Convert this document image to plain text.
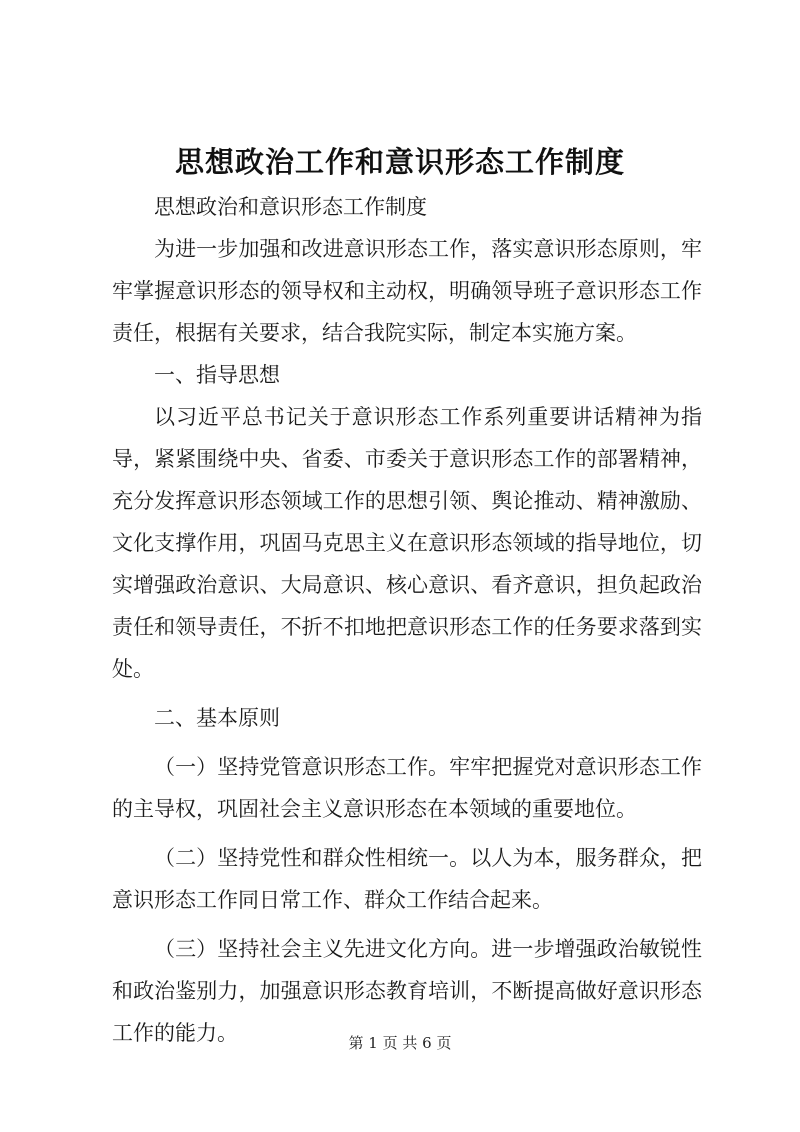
思想政治工作和意识形态工作制度

思想政治和意识形态工作制度

为进一步加强和改进意识形态工作，落实意识形态原则，牢牢掌握意识形态的领导权和主动权，明确领导班子意识形态工作责任，根据有关要求，结合我院实际，制定本实施方案。

一、指导思想

以习近平总书记关于意识形态工作系列重要讲话精神为指导，紧紧围绕中央、省委、市委关于意识形态工作的部署精神，充分发挥意识形态领域工作的思想引领、舆论推动、精神激励、文化支撑作用，巩固马克思主义在意识形态领域的指导地位，切实增强政治意识、大局意识、核心意识、看齐意识，担负起政治责任和领导责任，不折不扣地把意识形态工作的任务要求落到实处。

二、基本原则

（一）坚持党管意识形态工作。牢牢把握党对意识形态工作的主导权，巩固社会主义意识形态在本领域的重要地位。

（二）坚持党性和群众性相统一。以人为本，服务群众，把意识形态工作同日常工作、群众工作结合起来。

（三）坚持社会主义先进文化方向。进一步增强政治敏锐性和政治鉴别力，加强意识形态教育培训，不断提高做好意识形态工作的能力。	第 1 页 共 6 页
